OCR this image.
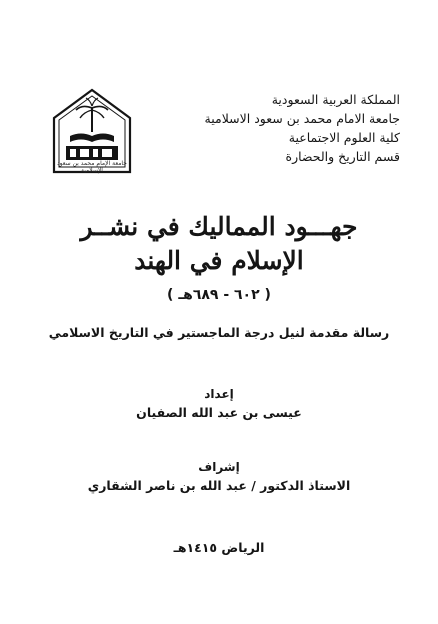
المملكة العربية السعودية
جامعة الامام محمد بن سعود الاسلامية
كلية العلوم الاجتماعية
قسم التاريخ والحضارة
جامعة الإمام محمد بن سعود الإسلامية
جهـــود المماليك في نشــر
الإسلام في الهند
( ٦٠٢ - ٦٨٩هـ )
رسالة مقدمة لنيل درجة الماجستير في التاريخ الاسلامي
إعداد
عيسى بن عبد الله الصفيان
إشراف
الاستاذ الدكتور / عبد الله بن ناصر الشقاري
الرياض ١٤١٥هـ
